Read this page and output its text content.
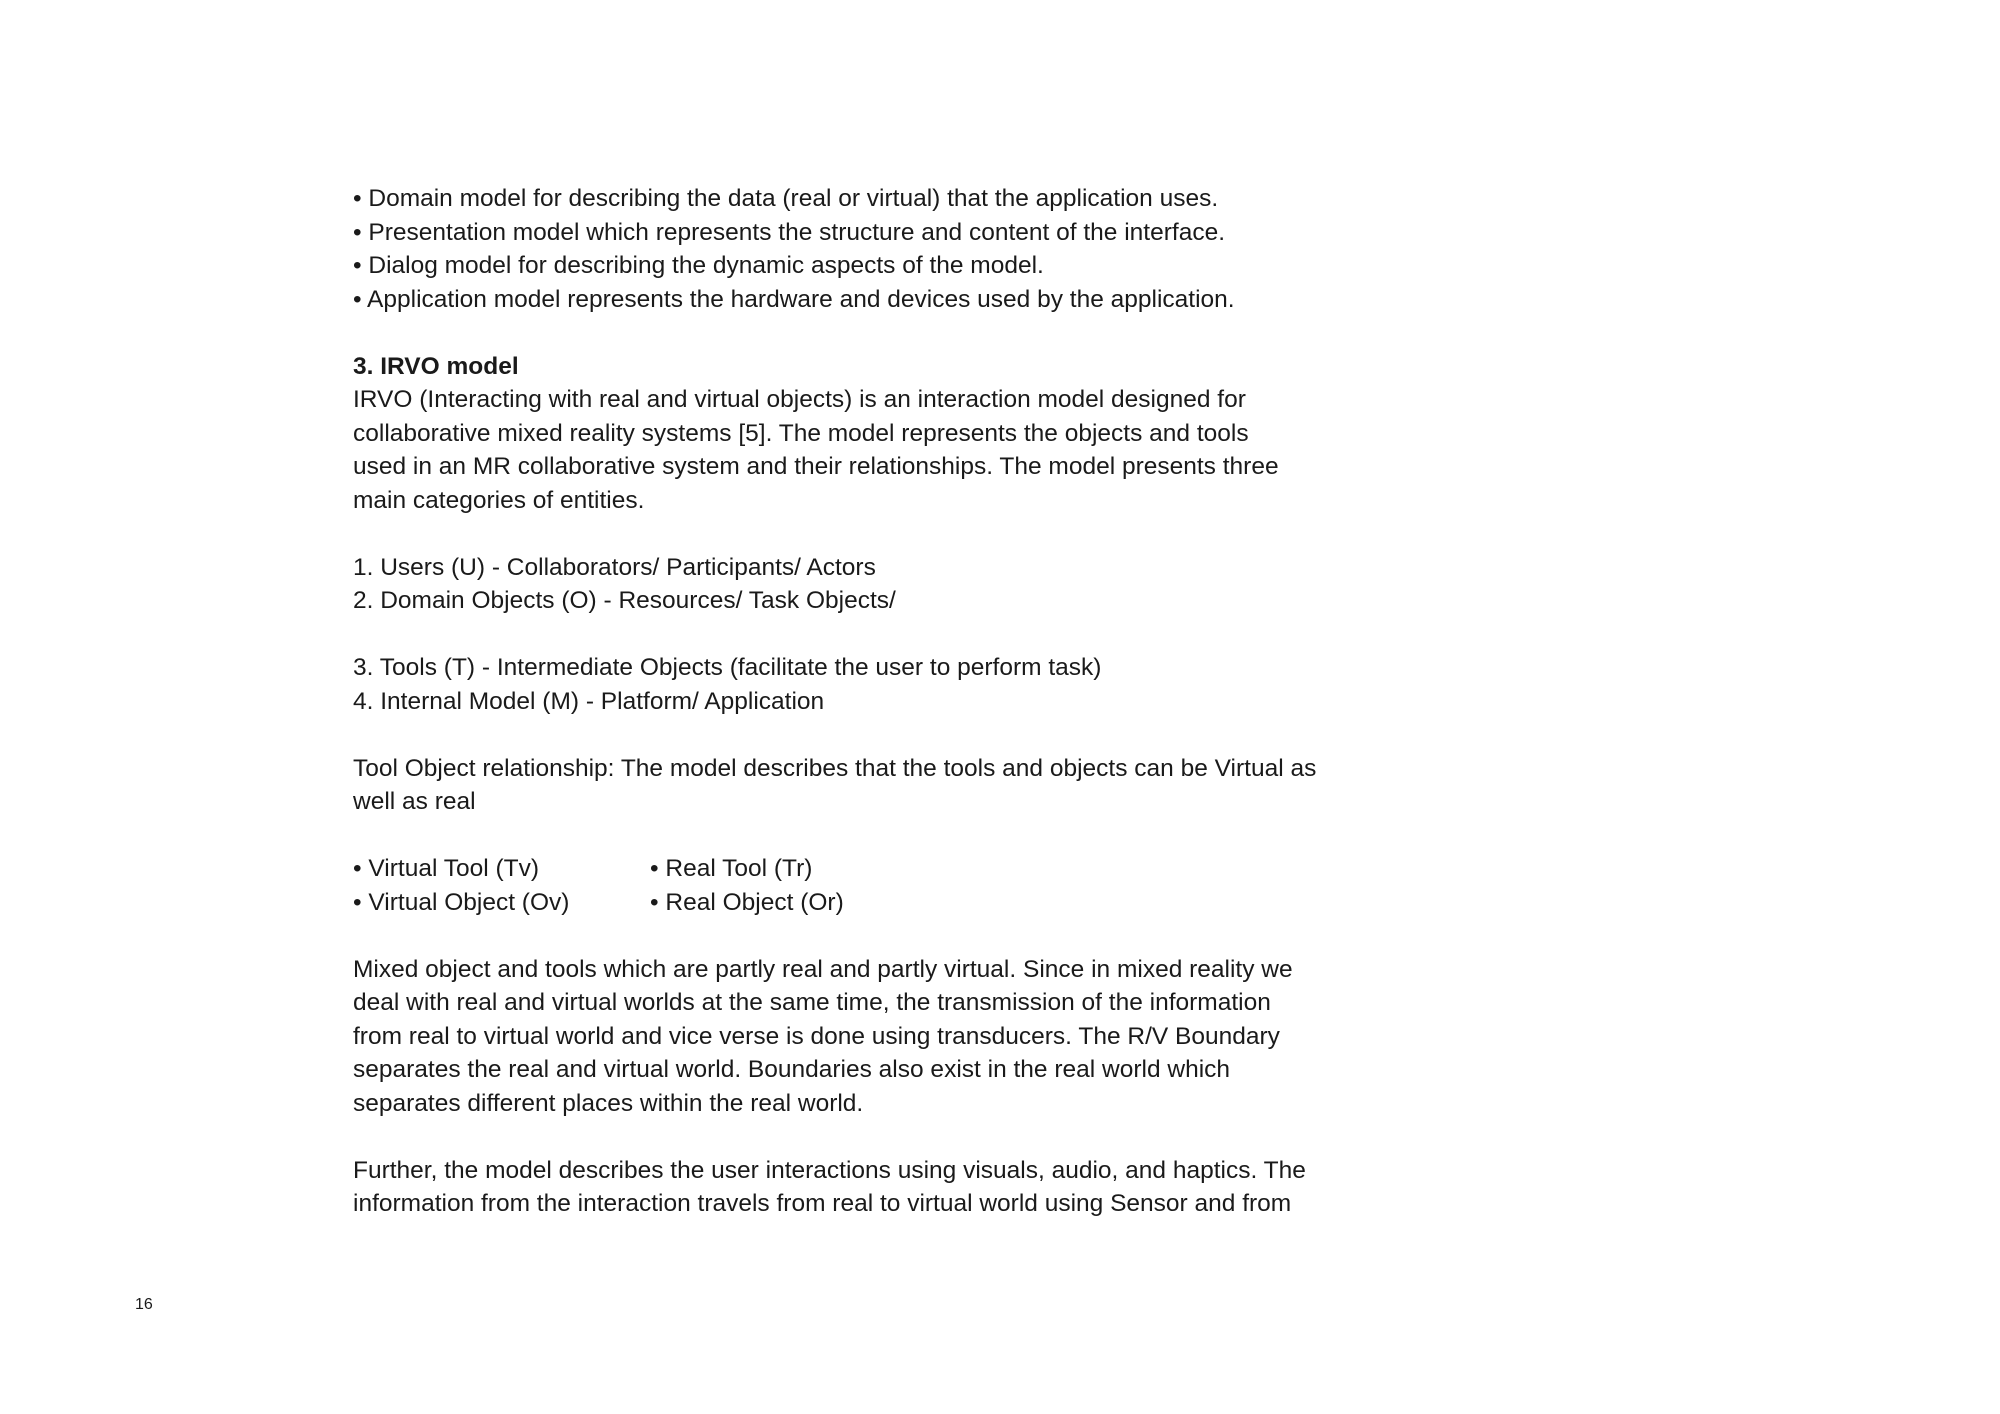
• Domain model for describing the data (real or virtual) that the application uses.
• Presentation model which represents the structure and content of the interface.
• Dialog model for describing the dynamic aspects of the model.
• Application model represents the hardware and devices used by the application.
3. IRVO model
IRVO (Interacting with real and virtual objects) is an interaction model designed for
collaborative mixed reality systems [5]. The model represents the objects and tools
used in an MR collaborative system and their relationships. The model presents three
main categories of entities.
1. Users (U) - Collaborators/ Participants/ Actors
2. Domain Objects (O) - Resources/ Task Objects/
3. Tools (T) - Intermediate Objects (facilitate the user to perform task)
4. Internal Model (M) - Platform/ Application
Tool Object relationship: The model describes that the tools and objects can be Virtual as
well as real
• Virtual Tool (Tv)
• Virtual Object (Ov)
• Real Tool (Tr)
• Real Object (Or)
Mixed object and tools which are partly real and partly virtual. Since in mixed reality we
deal with real and virtual worlds at the same time, the transmission of the information
from real to virtual world and vice verse is done using transducers. The R/V Boundary
separates the real and virtual world. Boundaries also exist in the real world which
separates different places within the real world.
Further, the model describes the user interactions using visuals, audio, and haptics. The
information from the interaction travels from real to virtual world using Sensor and from
16
